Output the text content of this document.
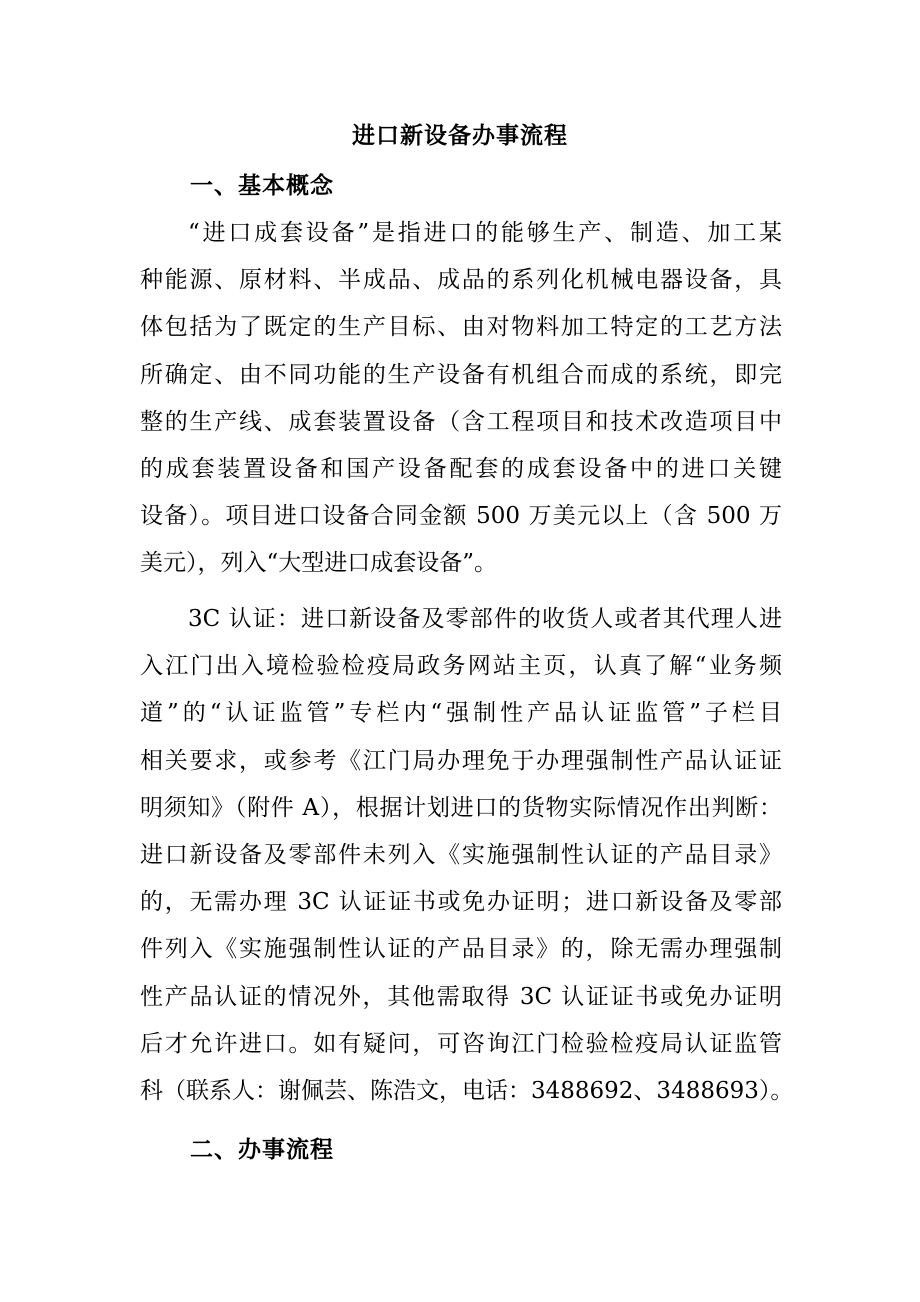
进口新设备办事流程
一、基本概念
“进口成套设备”是指进口的能够生产、制造、加工某
种能源、原材料、半成品、成品的系列化机械电器设备，具
体包括为了既定的生产目标、由对物料加工特定的工艺方法
所确定、由不同功能的生产设备有机组合而成的系统，即完
整的生产线、成套装置设备（含工程项目和技术改造项目中
的成套装置设备和国产设备配套的成套设备中的进口关键
设备）。项目进口设备合同金额 500 万美元以上（含 500 万
美元），列入“大型进口成套设备”。
3C 认证：进口新设备及零部件的收货人或者其代理人进
入江门出入境检验检疫局政务网站主页，认真了解“业务频
道”的“认证监管”专栏内“强制性产品认证监管”子栏目
相关要求，或参考《江门局办理免于办理强制性产品认证证
明须知》（附件 A），根据计划进口的货物实际情况作出判断：
进口新设备及零部件未列入《实施强制性认证的产品目录》
的，无需办理 3C 认证证书或免办证明；进口新设备及零部
件列入《实施强制性认证的产品目录》的，除无需办理强制
性产品认证的情况外，其他需取得 3C 认证证书或免办证明
后才允许进口。如有疑问，可咨询江门检验检疫局认证监管
科（联系人：谢佩芸、陈浩文，电话：3488692、3488693）。
二、办事流程
